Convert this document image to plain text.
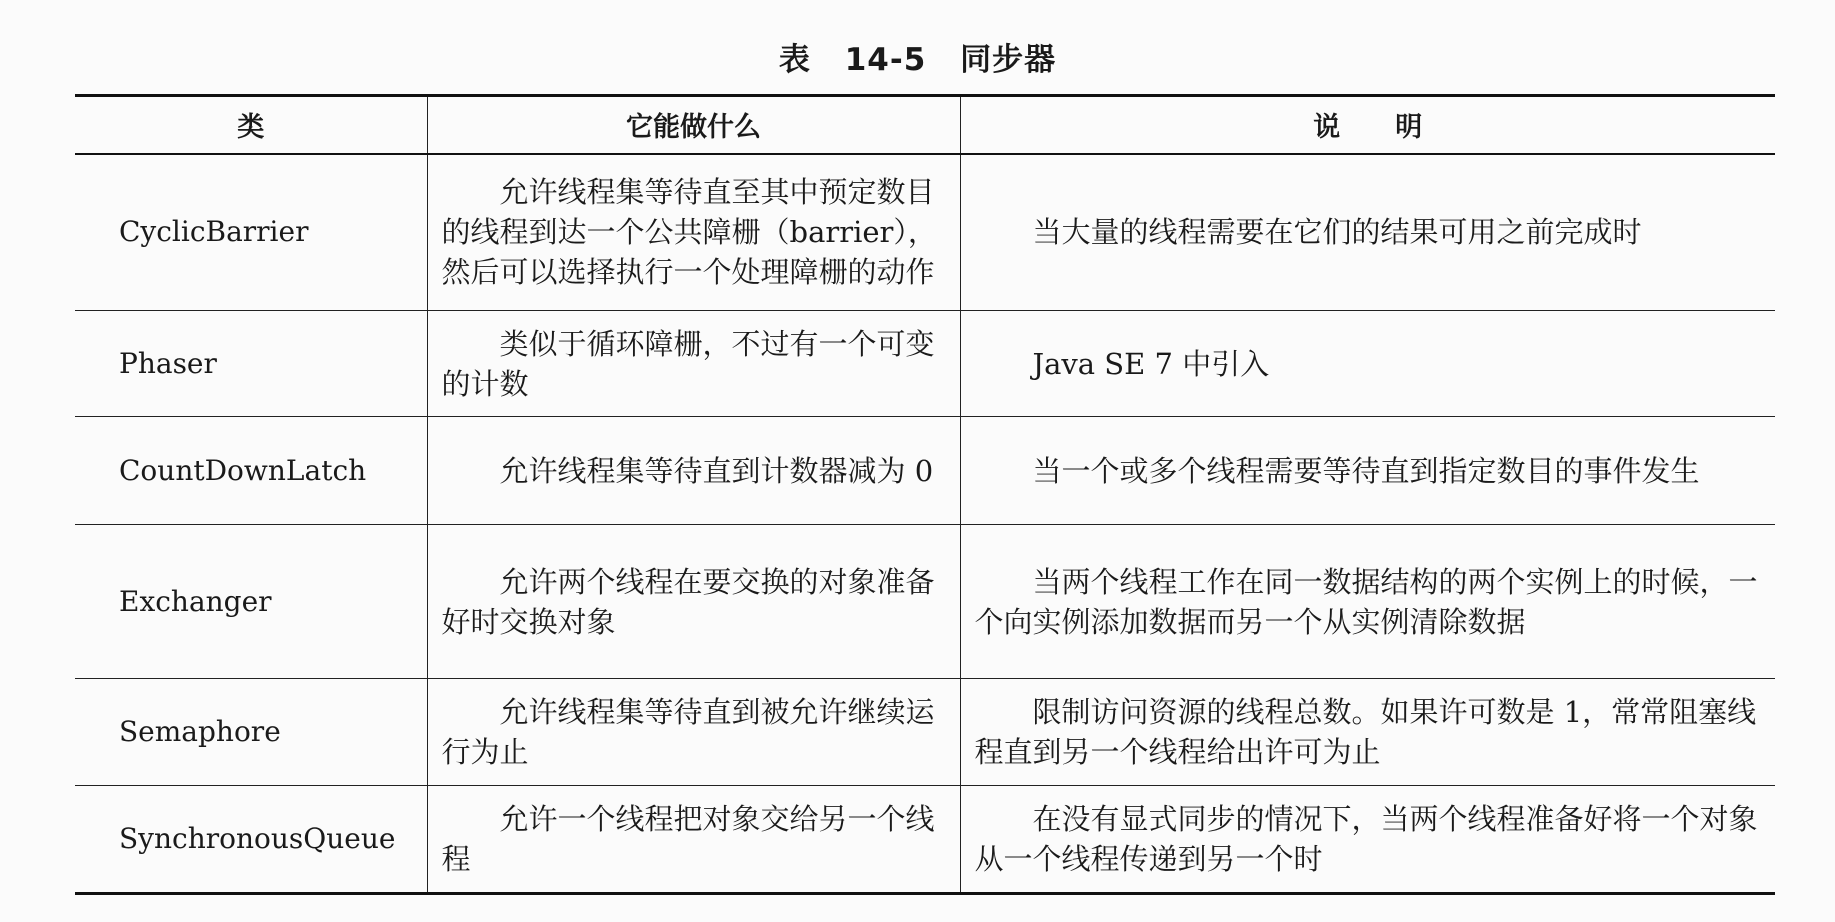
表 14-5 同步器
类	它能做什么	说明
CyclicBarrier	允许线程集等待直至其中预定数目的线程到达一个公共障栅（barrier），然后可以选择执行一个处理障栅的动作	当大量的线程需要在它们的结果可用之前完成时
Phaser	类似于循环障栅，不过有一个可变的计数	Java SE 7 中引入
CountDownLatch	允许线程集等待直到计数器减为 0	当一个或多个线程需要等待直到指定数目的事件发生
Exchanger	允许两个线程在要交换的对象准备好时交换对象	当两个线程工作在同一数据结构的两个实例上的时候，一个向实例添加数据而另一个从实例清除数据
Semaphore	允许线程集等待直到被允许继续运行为止	限制访问资源的线程总数。如果许可数是 1，常常阻塞线程直到另一个线程给出许可为止
SynchronousQueue	允许一个线程把对象交给另一个线程	在没有显式同步的情况下，当两个线程准备好将一个对象从一个线程传递到另一个时
